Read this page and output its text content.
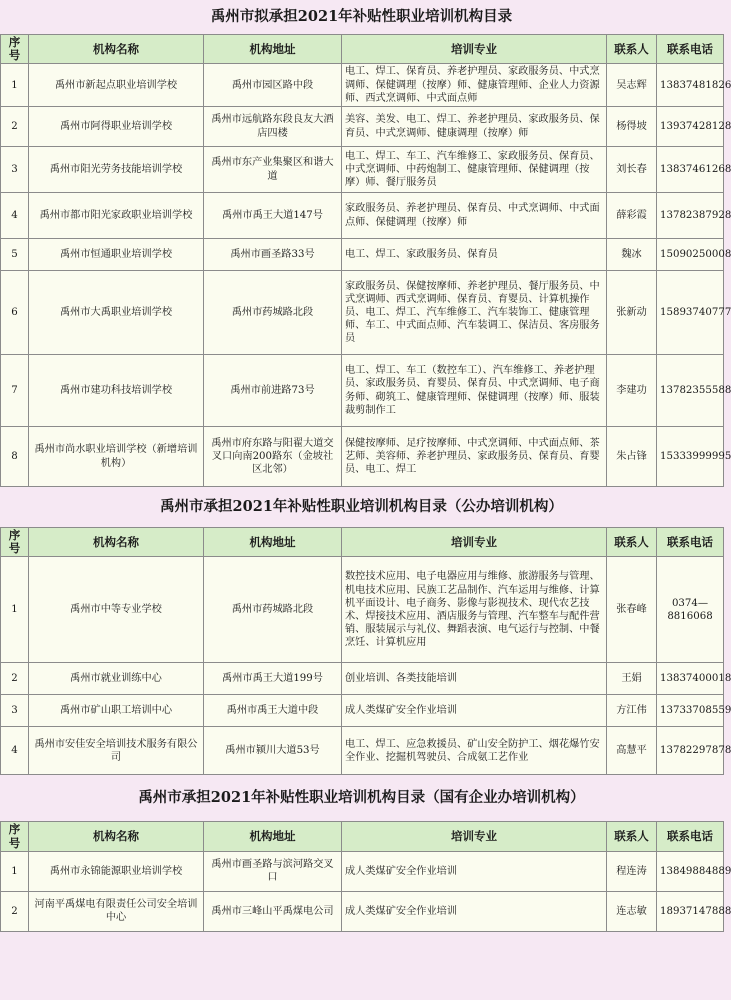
禹州市拟承担2021年补贴性职业培训机构目录
序号	机构名称	机构地址	培训专业	联系人	联系电话
1	禹州市新起点职业培训学校	禹州市园区路中段	电工、焊工、保育员、养老护理员、家政服务员、中式烹调师、保健调理（按摩）师、健康管理师、企业人力资源师、西式烹调师、中式面点师	吴志辉	13837481826
2	禹州市阿得职业培训学校	禹州市远航路东段良友大酒店四楼	美容、美发、电工、焊工、养老护理员、家政服务员、保育员、中式烹调师、健康调理（按摩）师	杨得坡	13937428128
3	禹州市阳光劳务技能培训学校	禹州市东产业集聚区和谐大道	电工、焊工、车工、汽车维修工、家政服务员、保育员、中式烹调师、中药炮制工、健康管理师、保健调理（按摩）师、餐厅服务员	刘长春	13837461268
4	禹州市都市阳光家政职业培训学校	禹州市禹王大道147号	家政服务员、养老护理员、保育员、中式烹调师、中式面点师、保健调理（按摩）师	薛彩霞	13782387928
5	禹州市恒通职业培训学校	禹州市画圣路33号	电工、焊工、家政服务员、保育员	魏冰	15090250008
6	禹州市大禹职业培训学校	禹州市药城路北段	家政服务员、保健按摩师、养老护理员、餐厅服务员、中式烹调师、西式烹调师、保育员、育婴员、计算机操作员、电工、焊工、汽车维修工、汽车装饰工、健康管理师、车工、中式面点师、汽车装调工、保洁员、客房服务员	张新动	15893740777
7	禹州市建功科技培训学校	禹州市前进路73号	电工、焊工、车工（数控车工）、汽车维修工、养老护理员、家政服务员、育婴员、保育员、中式烹调师、电子商务师、砌筑工、健康管理师、保健调理（按摩）师、服装裁剪制作工	李建功	13782355588
8	禹州市尚水职业培训学校（新增培训机构）	禹州市府东路与阳翟大道交叉口向南200路东（金坡社区北邻）	保健按摩师、足疗按摩师、中式烹调师、中式面点师、茶艺师、美容师、养老护理员、家政服务员、保育员、育婴员、电工、焊工	朱占锋	15333999995
禹州市承担2021年补贴性职业培训机构目录（公办培训机构）
序号	机构名称	机构地址	培训专业	联系人	联系电话
1	禹州市中等专业学校	禹州市药城路北段	数控技术应用、电子电器应用与维修、旅游服务与管理、机电技术应用、民族工艺品制作、汽车运用与维修、计算机平面设计、电子商务、影像与影视技术、现代农艺技术、焊接技术应用、酒店服务与管理、汽车整车与配件营销、服装展示与礼仪、舞蹈表演、电气运行与控制、中餐烹饪、计算机应用	张春峰	0374—8816068
2	禹州市就业训练中心	禹州市禹王大道199号	创业培训、各类技能培训	王娟	13837400018
3	禹州市矿山职工培训中心	禹州市禹王大道中段	成人类煤矿安全作业培训	方江伟	13733708559
4	禹州市安佳安全培训技术服务有限公司	禹州市颍川大道53号	电工、焊工、应急救援员、矿山安全防护工、烟花爆竹安全作业、挖掘机驾驶员、合成氨工艺作业	高慧平	13782297878
禹州市承担2021年补贴性职业培训机构目录（国有企业办培训机构）
序号	机构名称	机构地址	培训专业	联系人	联系电话
1	禹州市永锦能源职业培训学校	禹州市画圣路与滨河路交叉口	成人类煤矿安全作业培训	程连涛	13849884889
2	河南平禹煤电有限责任公司安全培训中心	禹州市三峰山平禹煤电公司	成人类煤矿安全作业培训	连志敏	18937147888
